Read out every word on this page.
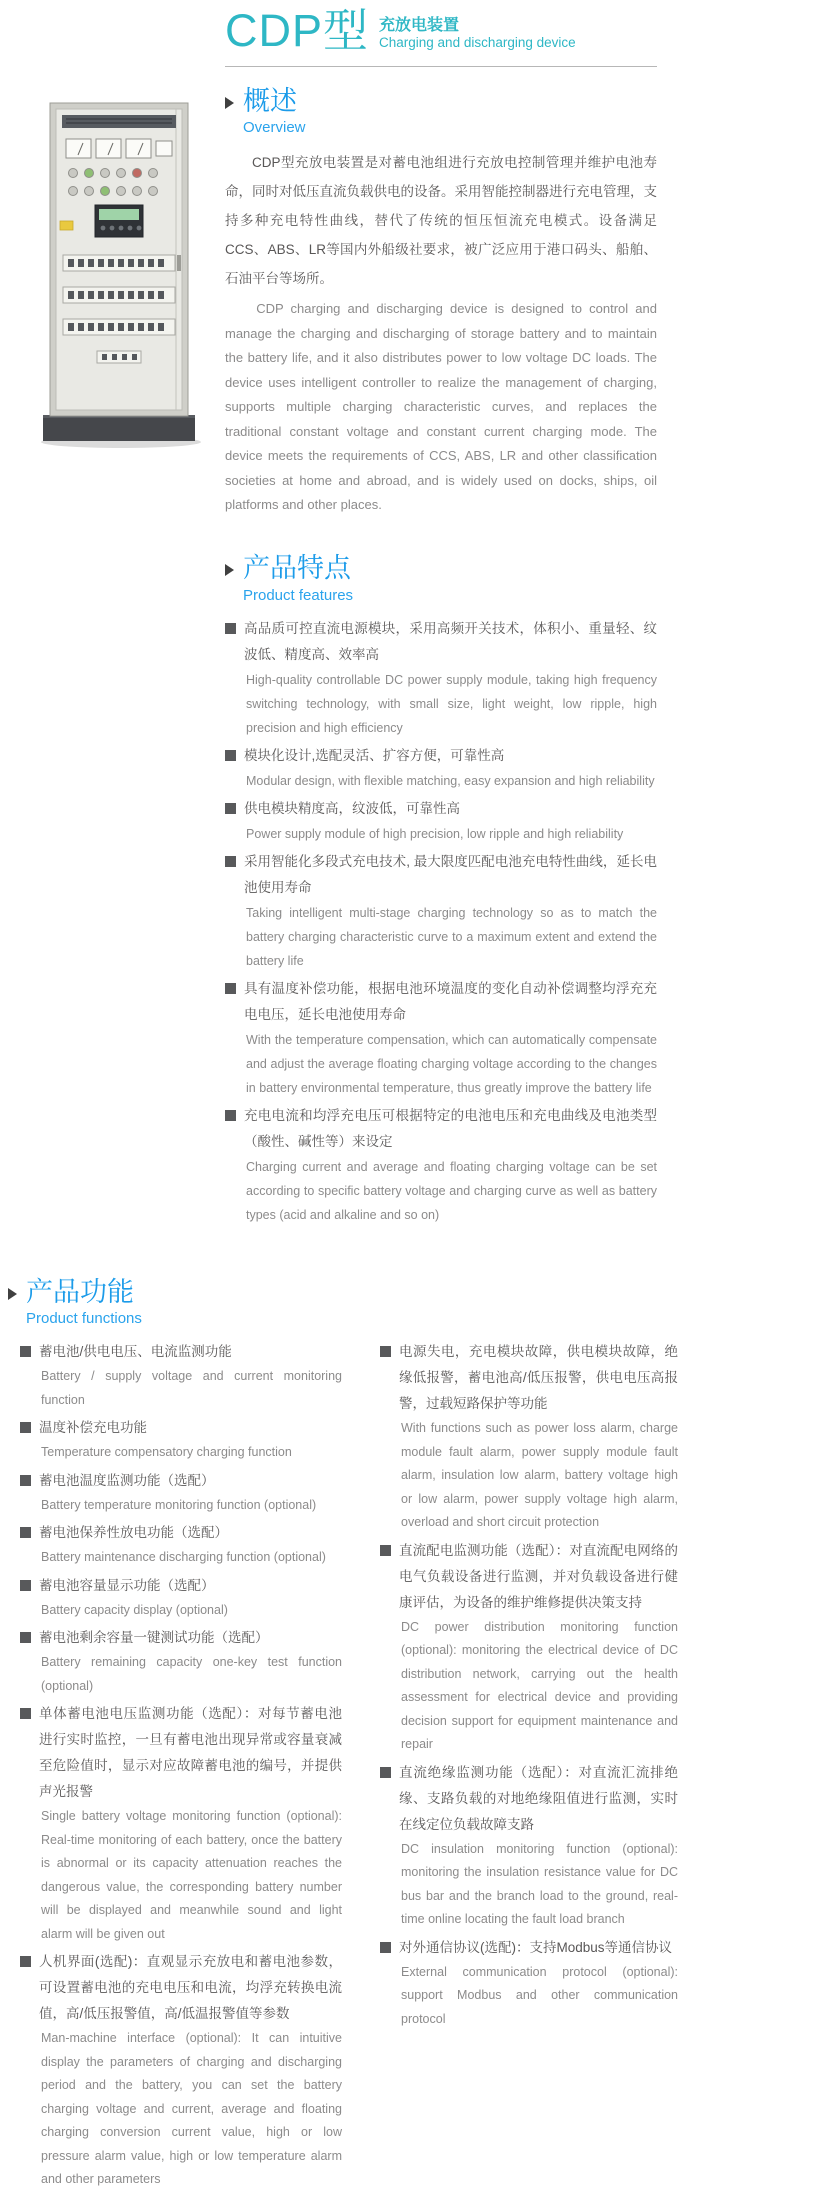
CDP型 充放电装置
Charging and discharging device
概述
Overview

CDP型充放电装置是对蓄电池组进行充放电控制管理并维护电池寿命，同时对低压直流负载供电的设备。采用智能控制器进行充电管理，支持多种充电特性曲线，替代了传统的恒压恒流充电模式。设备满足CCS、ABS、LR等国内外船级社要求，被广泛应用于港口码头、船舶、石油平台等场所。

CDP charging and discharging device is designed to control and manage the charging and discharging of storage battery and to maintain the battery life, and it also distributes power to low voltage DC loads. The device uses intelligent controller to realize the management of charging, supports multiple charging characteristic curves, and replaces the traditional constant voltage and constant current charging mode. The device meets the requirements of CCS, ABS, LR and other classification societies at home and abroad, and is widely used on docks, ships, oil platforms and other places.

产品特点
Product features
高品质可控直流电源模块，采用高频开关技术，体积小、重量轻、纹波低、精度高、效率高
High-quality controllable DC power supply module, taking high frequency switching technology, with small size, light weight, low ripple, high precision and high efficiency
模块化设计,选配灵活、扩容方便，可靠性高
Modular design, with flexible matching, easy expansion and high reliability
供电模块精度高，纹波低，可靠性高
Power supply module of high precision, low ripple and high reliability
采用智能化多段式充电技术, 最大限度匹配电池充电特性曲线，延长电池使用寿命
Taking intelligent multi-stage charging technology so as to match the battery charging characteristic curve to a maximum extent and extend the battery life
具有温度补偿功能，根据电池环境温度的变化自动补偿调整均浮充充电电压，延长电池使用寿命
With the temperature compensation, which can automatically compensate and adjust the average floating charging voltage according to the changes in battery environmental temperature, thus greatly improve the battery life
充电电流和均浮充电压可根据特定的电池电压和充电曲线及电池类型（酸性、碱性等）来设定
Charging current and average and floating charging voltage can be set according to specific battery voltage and charging curve as well as battery types (acid and alkaline and so on)
产品功能
Product functions
蓄电池/供电电压、电流监测功能
Battery / supply voltage and current monitoring function
温度补偿充电功能
Temperature compensatory charging function
蓄电池温度监测功能（选配）
Battery temperature monitoring function (optional)
蓄电池保养性放电功能（选配）
Battery maintenance discharging function (optional)
蓄电池容量显示功能（选配）
Battery capacity display (optional)
蓄电池剩余容量一键测试功能（选配）
Battery remaining capacity one-key test function (optional)
单体蓄电池电压监测功能（选配）：对每节蓄电池进行实时监控，一旦有蓄电池出现异常或容量衰减至危险值时，显示对应故障蓄电池的编号，并提供声光报警
Single battery voltage monitoring function (optional): Real-time monitoring of each battery, once the battery is abnormal or its capacity attenuation reaches the dangerous value, the corresponding battery number will be displayed and meanwhile sound and light alarm will be given out
人机界面(选配)：直观显示充放电和蓄电池参数，可设置蓄电池的充电电压和电流，均浮充转换电流值，高/低压报警值，高/低温报警值等参数
Man-machine interface (optional): It can intuitive display the parameters of charging and discharging period and the battery, you can set the battery charging voltage and current, average and floating charging conversion current value, high or low pressure alarm value, high or low temperature alarm and other parameters
电源失电，充电模块故障，供电模块故障，绝缘低报警，蓄电池高/低压报警，供电电压高报警，过载短路保护等功能
With functions such as power loss alarm, charge module fault alarm, power supply module fault alarm, insulation low alarm, battery voltage high or low alarm, power supply voltage high alarm, overload and short circuit protection
直流配电监测功能（选配）：对直流配电网络的电气负载设备进行监测，并对负载设备进行健康评估，为设备的维护维修提供决策支持
DC power distribution monitoring function (optional): monitoring the electrical device of DC distribution network, carrying out the health assessment for electrical device and providing decision support for equipment maintenance and repair
直流绝缘监测功能（选配）：对直流汇流排绝缘、支路负载的对地绝缘阻值进行监测，实时在线定位负载故障支路
DC insulation monitoring function (optional): monitoring the insulation resistance value for DC bus bar and the branch load to the ground, real-time online locating the fault load branch
对外通信协议(选配)：支持Modbus等通信协议
External communication protocol (optional): support Modbus and other communication protocol
